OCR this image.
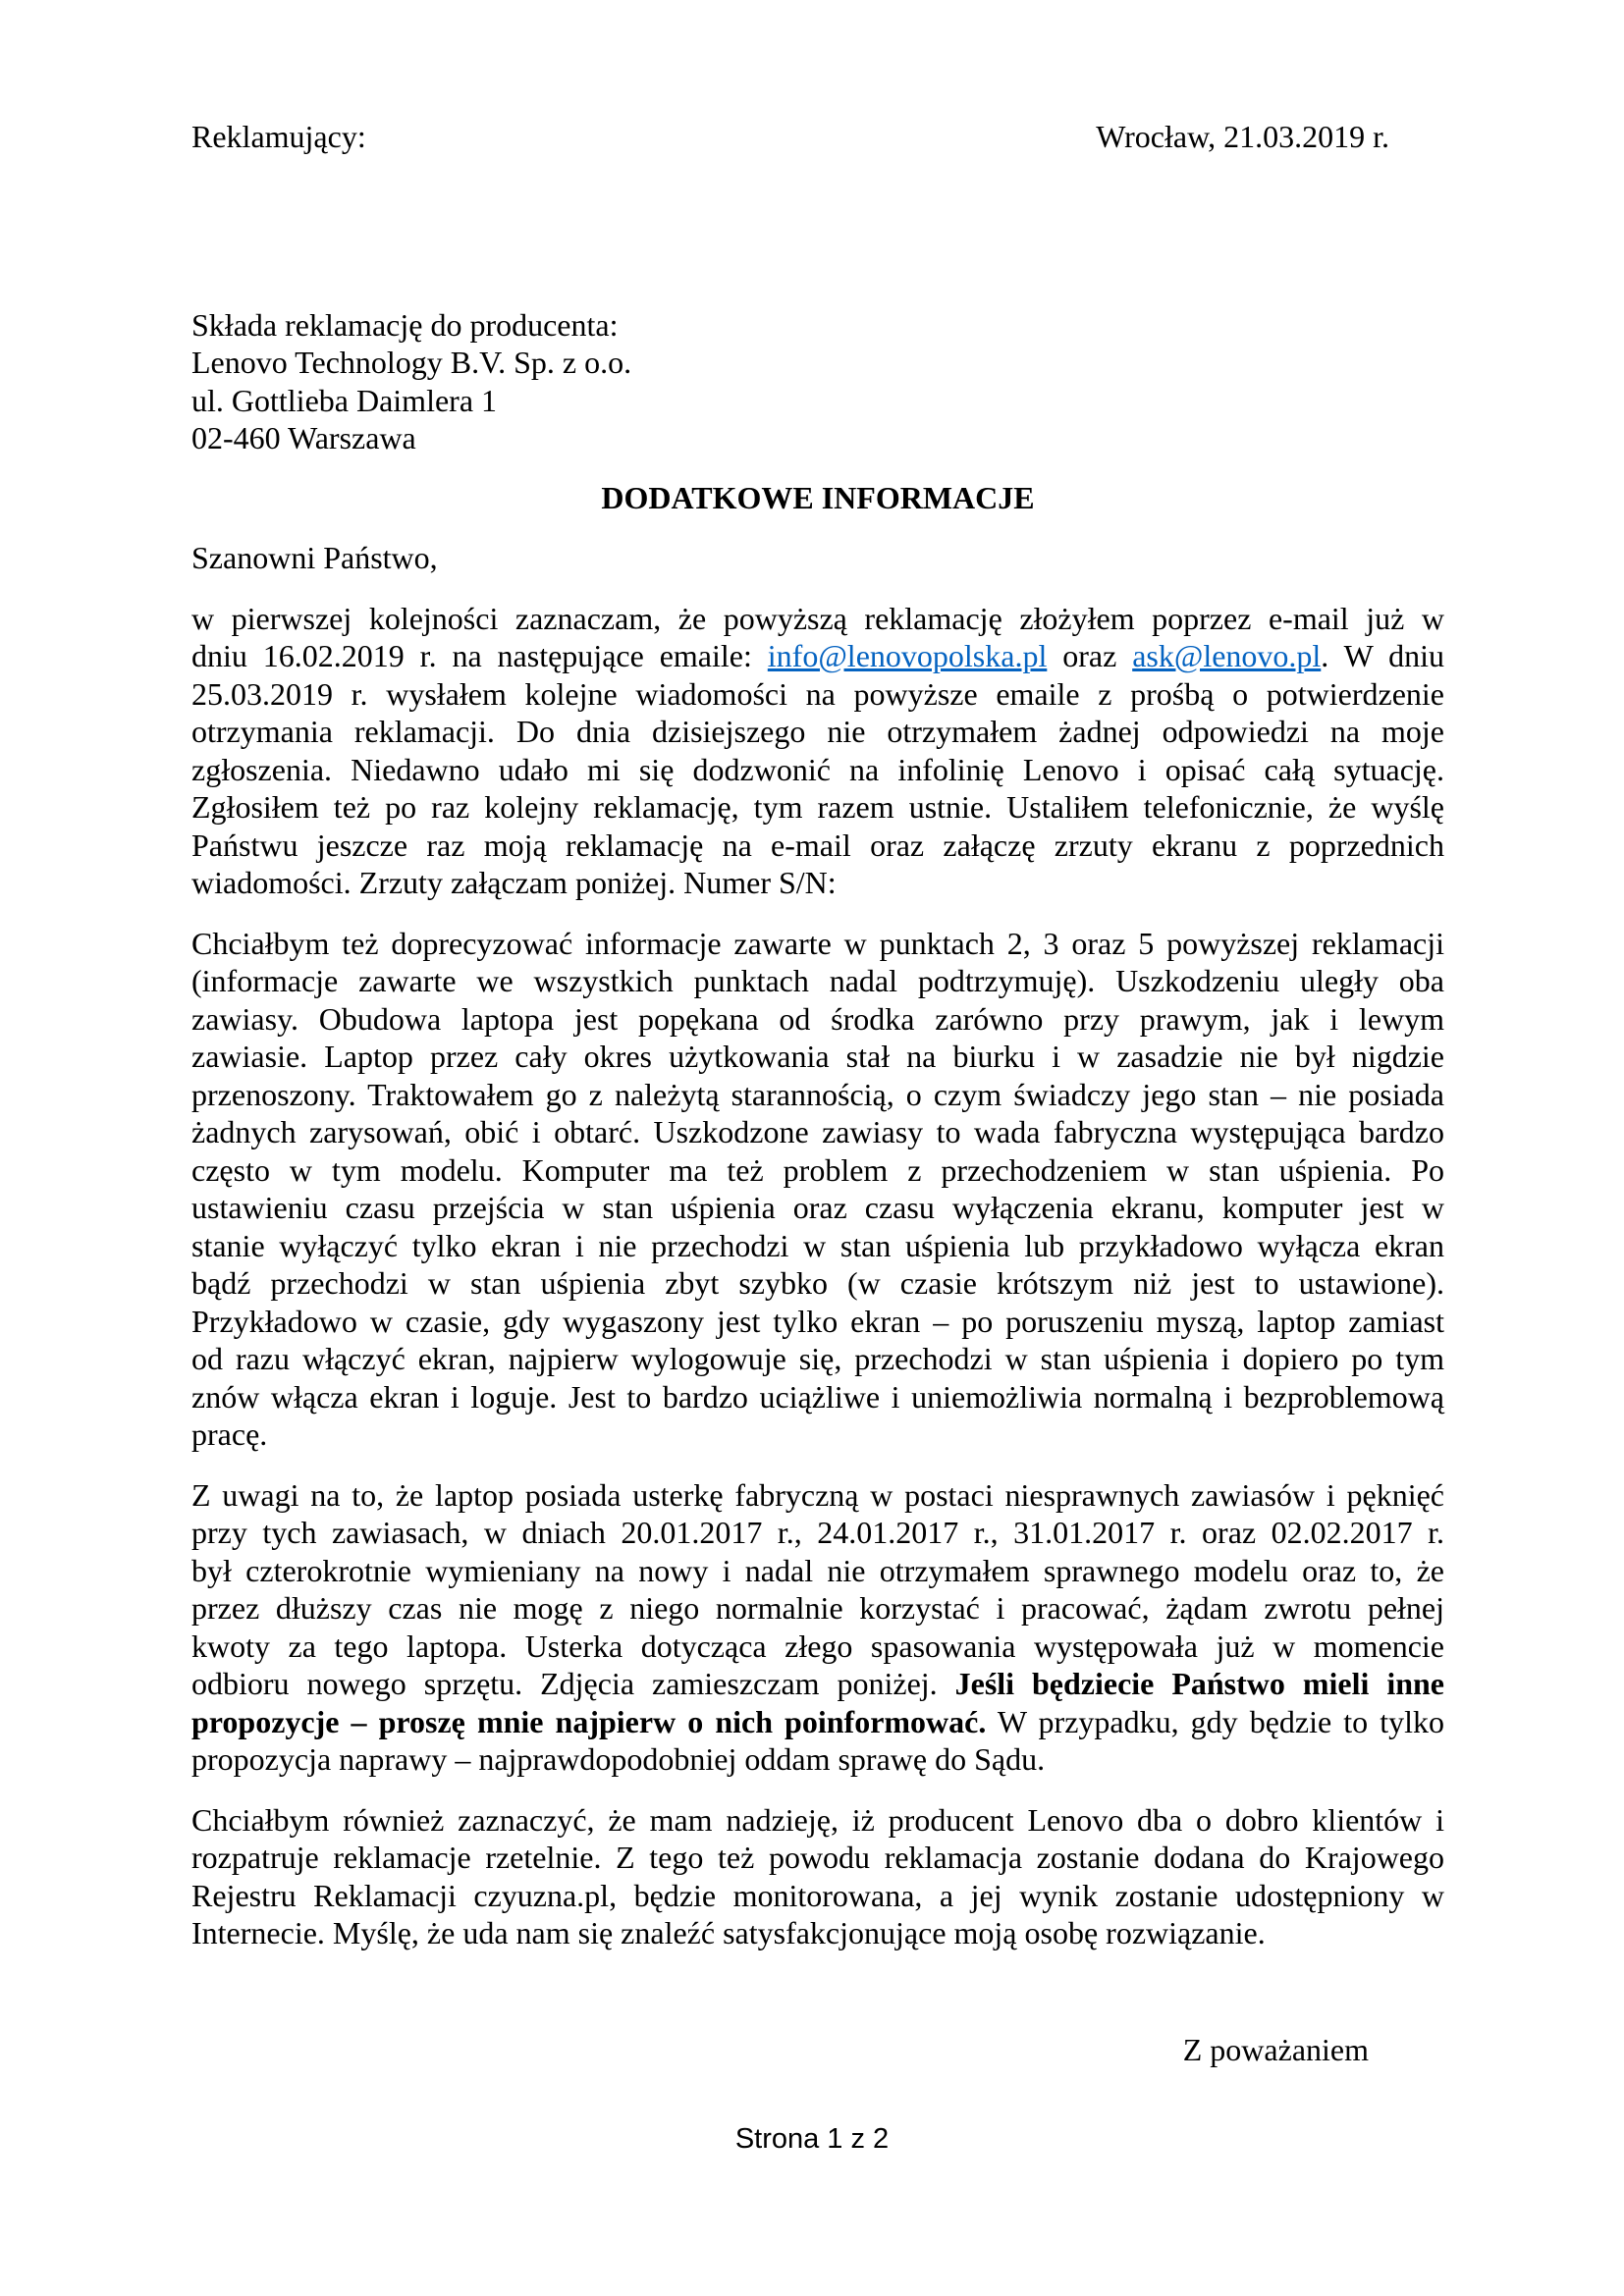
Reklamujący:	Wrocław, 21.03.2019 r.
Składa reklamację do producenta:
Lenovo Technology B.V. Sp. z o.o.
ul. Gottlieba Daimlera 1
02-460 Warszawa
DODATKOWE INFORMACJE
Szanowni Państwo,
w pierwszej kolejności zaznaczam, że powyższą reklamację złożyłem poprzez e-mail już w
dniu 16.02.2019 r. na następujące emaile: info@lenovopolska.pl oraz ask@lenovo.pl. W dniu
25.03.2019 r. wysłałem kolejne wiadomości na powyższe emaile z prośbą o potwierdzenie
otrzymania reklamacji. Do dnia dzisiejszego nie otrzymałem żadnej odpowiedzi na moje
zgłoszenia. Niedawno udało mi się dodzwonić na infolinię Lenovo i opisać całą sytuację.
Zgłosiłem też po raz kolejny reklamację, tym razem ustnie. Ustaliłem telefonicznie, że wyślę
Państwu jeszcze raz moją reklamację na e-mail oraz załączę zrzuty ekranu z poprzednich
wiadomości. Zrzuty załączam poniżej. Numer S/N:
Chciałbym też doprecyzować informacje zawarte w punktach 2, 3 oraz 5 powyższej reklamacji
(informacje zawarte we wszystkich punktach nadal podtrzymuję). Uszkodzeniu uległy oba
zawiasy. Obudowa laptopa jest popękana od środka zarówno przy prawym, jak i lewym
zawiasie. Laptop przez cały okres użytkowania stał na biurku i w zasadzie nie był nigdzie
przenoszony. Traktowałem go z należytą starannością, o czym świadczy jego stan – nie posiada
żadnych zarysowań, obić i obtarć. Uszkodzone zawiasy to wada fabryczna występująca bardzo
często w tym modelu. Komputer ma też problem z przechodzeniem w stan uśpienia. Po
ustawieniu czasu przejścia w stan uśpienia oraz czasu wyłączenia ekranu, komputer jest w
stanie wyłączyć tylko ekran i nie przechodzi w stan uśpienia lub przykładowo wyłącza ekran
bądź przechodzi w stan uśpienia zbyt szybko (w czasie krótszym niż jest to ustawione).
Przykładowo w czasie, gdy wygaszony jest tylko ekran – po poruszeniu myszą, laptop zamiast
od razu włączyć ekran, najpierw wylogowuje się, przechodzi w stan uśpienia i dopiero po tym
znów włącza ekran i loguje. Jest to bardzo uciążliwe i uniemożliwia normalną i bezproblemową
pracę.
Z uwagi na to, że laptop posiada usterkę fabryczną w postaci niesprawnych zawiasów i pęknięć
przy tych zawiasach, w dniach 20.01.2017 r., 24.01.2017 r., 31.01.2017 r. oraz 02.02.2017 r.
był czterokrotnie wymieniany na nowy i nadal nie otrzymałem sprawnego modelu oraz to, że
przez dłuższy czas nie mogę z niego normalnie korzystać i pracować, żądam zwrotu pełnej
kwoty za tego laptopa. Usterka dotycząca złego spasowania występowała już w momencie
odbioru nowego sprzętu. Zdjęcia zamieszczam poniżej. Jeśli będziecie Państwo mieli inne
propozycje – proszę mnie najpierw o nich poinformować. W przypadku, gdy będzie to tylko
propozycja naprawy – najprawdopodobniej oddam sprawę do Sądu.
Chciałbym również zaznaczyć, że mam nadzieję, iż producent Lenovo dba o dobro klientów i
rozpatruje reklamacje rzetelnie. Z tego też powodu reklamacja zostanie dodana do Krajowego
Rejestru Reklamacji czyuzna.pl, będzie monitorowana, a jej wynik zostanie udostępniony w
Internecie. Myślę, że uda nam się znaleźć satysfakcjonujące moją osobę rozwiązanie.
Z poważaniem
Strona 1 z 2
